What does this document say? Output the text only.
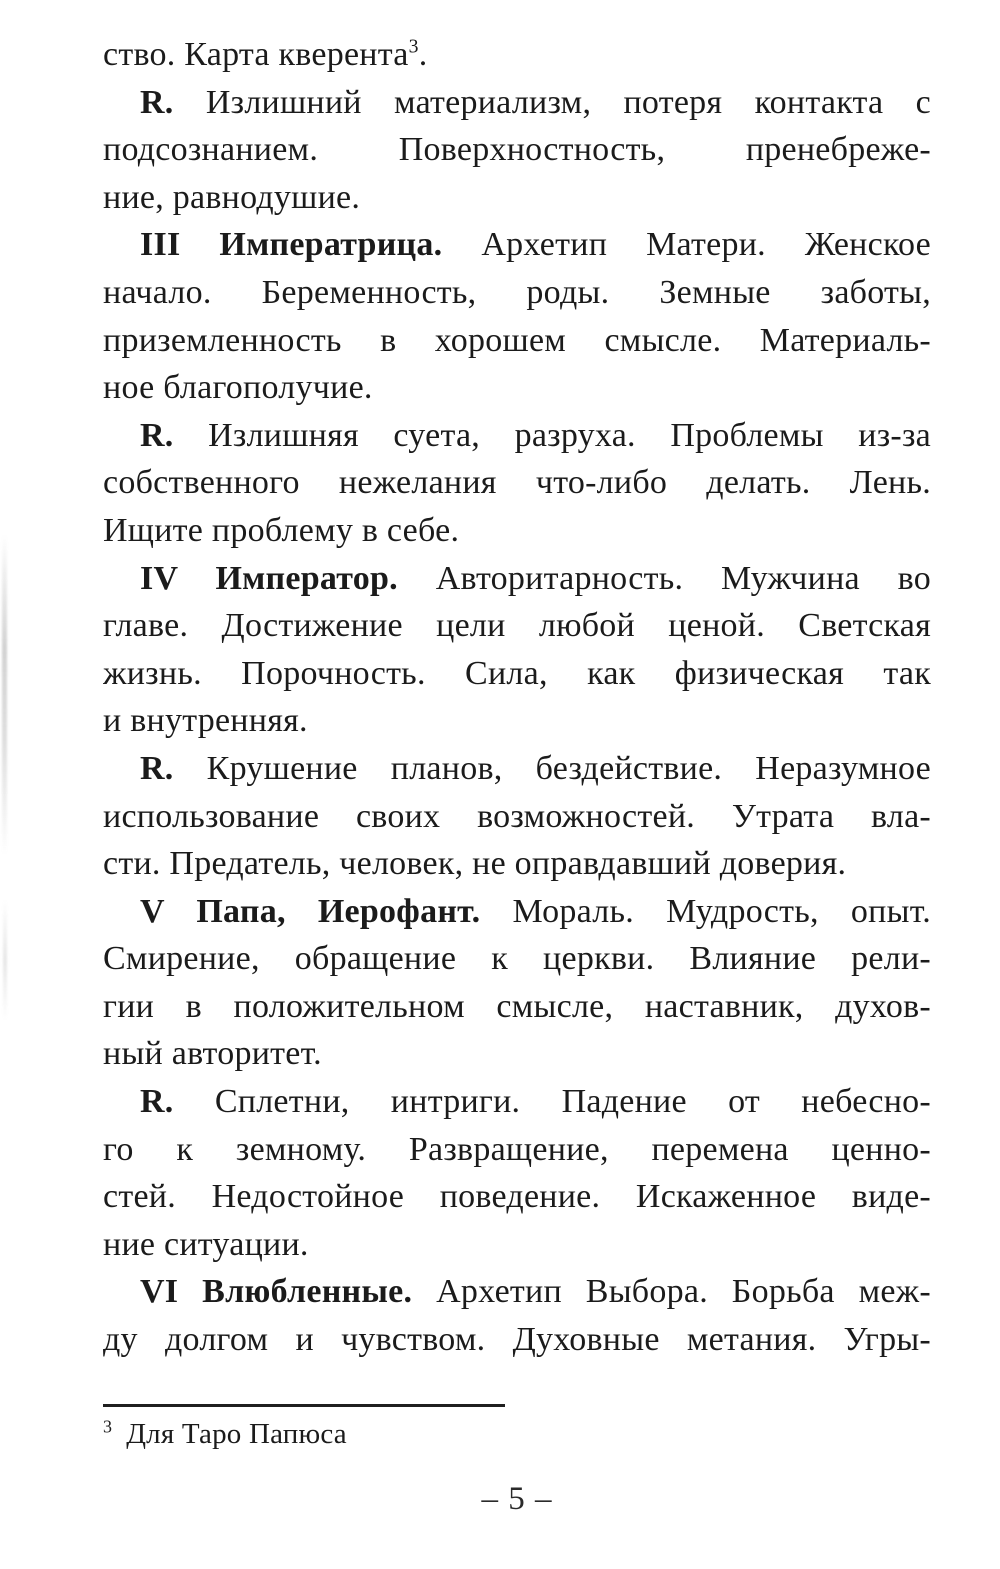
ство. Карта кверента$^3$.
R. Излишний материализм, потеря контакта с
подсознанием. Поверхностность, пренебреже-
ние, равнодушие.
III Императрица. Архетип Матери. Женское
начало. Беременность, роды. Земные заботы,
приземленность в хорошем смысле. Материаль-
ное благополучие.
R. Излишняя суета, разруха. Проблемы из-за
собственного нежелания что-либо делать. Лень.
Ищите проблему в себе.
IV Император. Авторитарность. Мужчина во
главе. Достижение цели любой ценой. Светская
жизнь. Порочность. Сила, как физическая так
и внутренняя.
R. Крушение планов, бездействие. Неразумное
использование своих возможностей. Утрата вла-
сти. Предатель, человек, не оправдавший доверия.
V Папа, Иерофант. Мораль. Мудрость, опыт.
Смирение, обращение к церкви. Влияние рели-
гии в положительном смысле, наставник, духов-
ный авторитет.
R. Сплетни, интриги. Падение от небесно-
го к земному. Развращение, перемена ценно-
стей. Недостойное поведение. Искаженное виде-
ние ситуации.
VI Влюбленные. Архетип Выбора. Борьба меж-
ду долгом и чувством. Духовные метания. Угры-
$^3$ Для Таро Папюса
– 5 –
